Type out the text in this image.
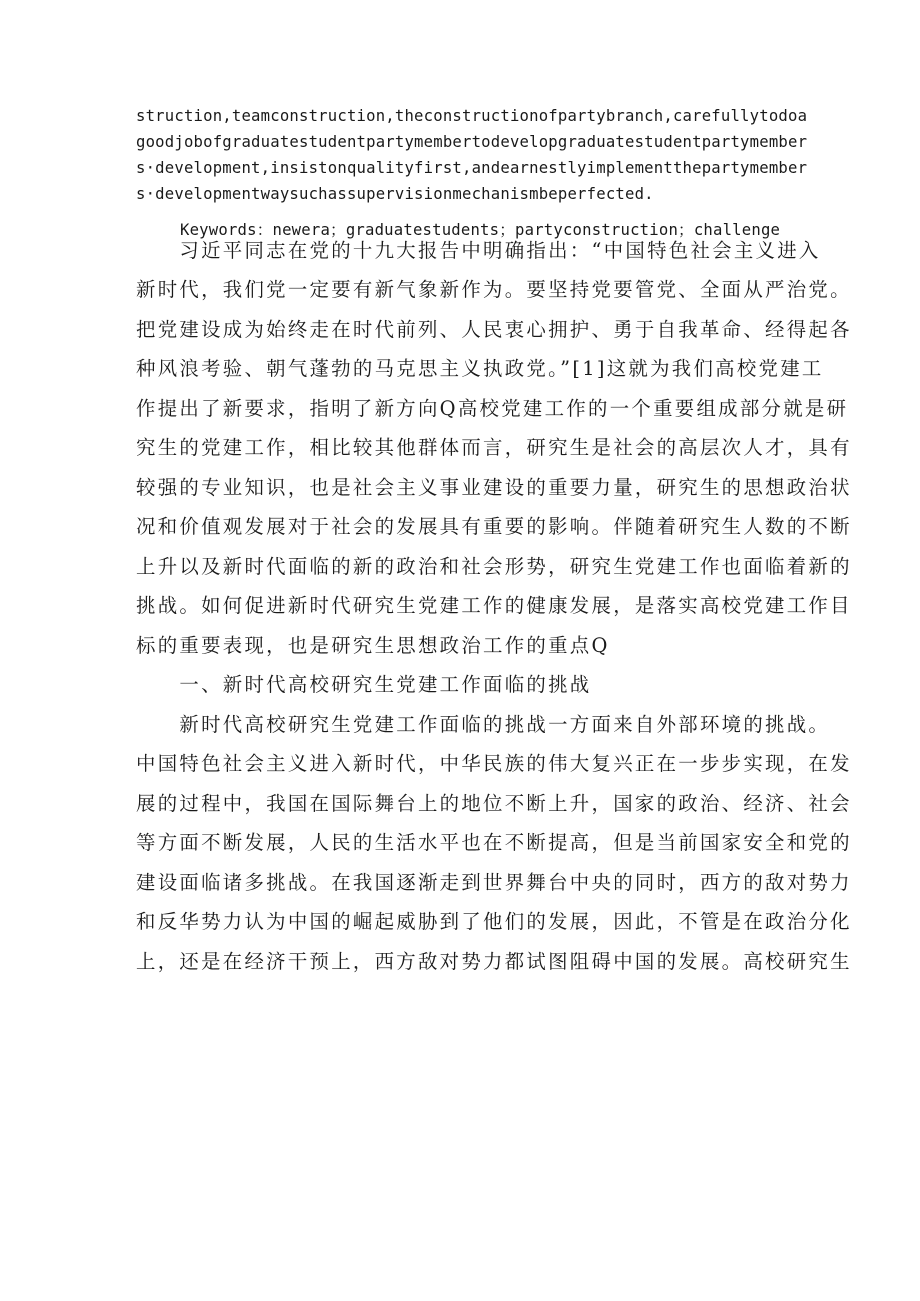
struction,teamconstruction,theconstructionofpartybranch,carefullytodoa
goodjobofgraduatestudentpartymembertodevelopgraduatestudentpartymember
s·development,insistonqualityfirst,andearnestlyimplementthepartymember
s·developmentwaysuchassupervisionmechanismbeperfected.
Keywords：newera；graduatestudents；partyconstruction；challenge
　　习近平同志在党的十九大报告中明确指出：“中国特色社会主义进入
新时代，我们党一定要有新气象新作为。要坚持党要管党、全面从严治党。
把党建设成为始终走在时代前列、人民衷心拥护、勇于自我革命、经得起各
种风浪考验、朝气蓬勃的马克思主义执政党。”[1]这就为我们高校党建工
作提出了新要求，指明了新方向Q高校党建工作的一个重要组成部分就是研
究生的党建工作，相比较其他群体而言，研究生是社会的高层次人才，具有
较强的专业知识，也是社会主义事业建设的重要力量，研究生的思想政治状
况和价值观发展对于社会的发展具有重要的影响。伴随着研究生人数的不断
上升以及新时代面临的新的政治和社会形势，研究生党建工作也面临着新的
挑战。如何促进新时代研究生党建工作的健康发展，是落实高校党建工作目
标的重要表现，也是研究生思想政治工作的重点Q
　　一、新时代高校研究生党建工作面临的挑战
　　新时代高校研究生党建工作面临的挑战一方面来自外部环境的挑战。
中国特色社会主义进入新时代，中华民族的伟大复兴正在一步步实现，在发
展的过程中，我国在国际舞台上的地位不断上升，国家的政治、经济、社会
等方面不断发展，人民的生活水平也在不断提高，但是当前国家安全和党的
建设面临诸多挑战。在我国逐渐走到世界舞台中央的同时，西方的敌对势力
和反华势力认为中国的崛起威胁到了他们的发展，因此，不管是在政治分化
上，还是在经济干预上，西方敌对势力都试图阻碍中国的发展。高校研究生
